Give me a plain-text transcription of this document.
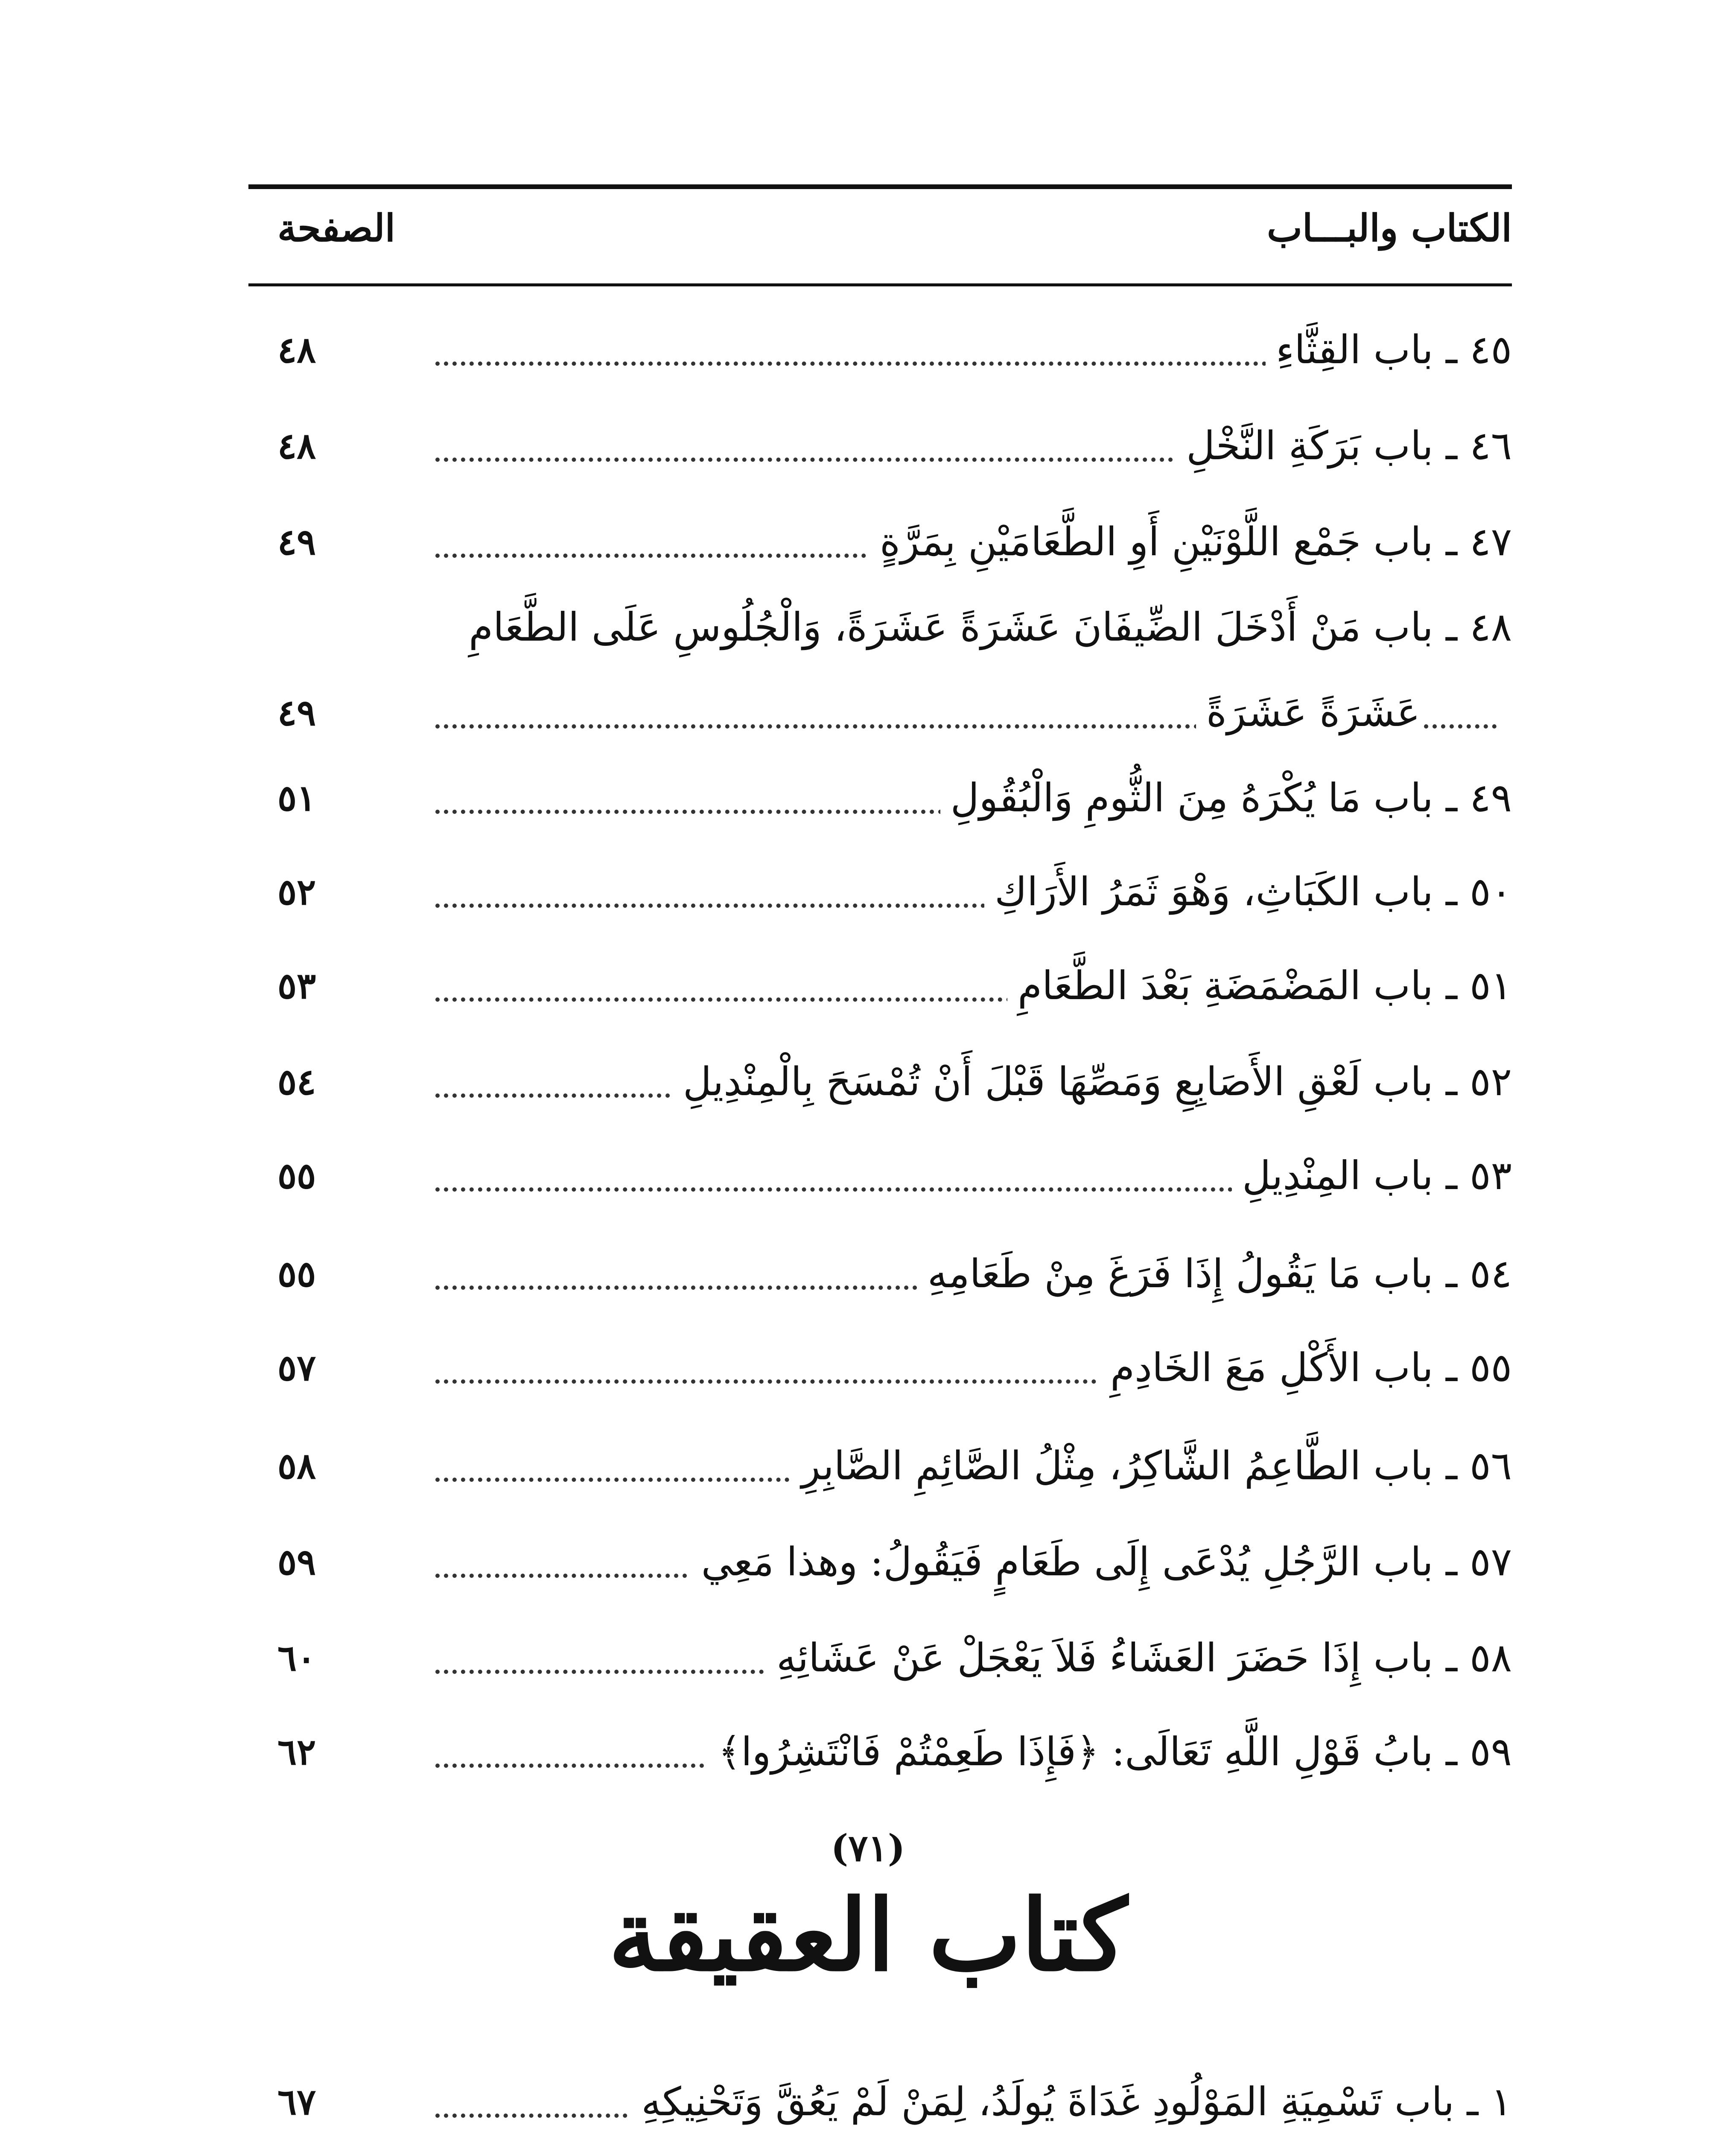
الكتاب والبـــاب
الصفحة
٤٥ ـ باب القِثَّاءِ
٤٨
٤٦ ـ باب بَرَكَةِ النَّخْلِ
٤٨
٤٧ ـ باب جَمْع اللَّوْنَيْنِ أَوِ الطَّعَامَيْنِ بِمَرَّةٍ
٤٩
٤٨ ـ باب مَنْ أَدْخَلَ الضِّيفَانَ عَشَرَةً عَشَرَةً، وَالْجُلُوسِ عَلَى الطَّعَامِ
عَشَرَةً عَشَرَةً
٤٩
٤٩ ـ باب مَا يُكْرَهُ مِنَ الثُّومِ وَالْبُقُولِ
٥١
٥٠ ـ باب الكَبَاثِ، وَهْوَ ثَمَرُ الأَرَاكِ
٥٢
٥١ ـ باب المَضْمَضَةِ بَعْدَ الطَّعَامِ
٥٣
٥٢ ـ باب لَعْقِ الأَصَابِعِ وَمَصِّهَا قَبْلَ أَنْ تُمْسَحَ بِالْمِنْدِيلِ
٥٤
٥٣ ـ باب المِنْدِيلِ
٥٥
٥٤ ـ باب مَا يَقُولُ إِذَا فَرَغَ مِنْ طَعَامِهِ
٥٥
٥٥ ـ باب الأَكْلِ مَعَ الخَادِمِ
٥٧
٥٦ ـ باب الطَّاعِمُ الشَّاكِرُ، مِثْلُ الصَّائِمِ الصَّابِرِ
٥٨
٥٧ ـ باب الرَّجُلِ يُدْعَى إِلَى طَعَامٍ فَيَقُولُ: وهذا مَعِي
٥٩
٥٨ ـ باب إِذَا حَضَرَ العَشَاءُ فَلاَ يَعْجَلْ عَنْ عَشَائِهِ
٦٠
٥٩ ـ بابُ قَوْلِ اللَّهِ تَعَالَى: ﴿فَإِذَا طَعِمْتُمْ فَانْتَشِرُوا﴾
٦٢
(٧١)
كتاب العقيقة
١ ـ باب تَسْمِيَةِ المَوْلُودِ غَدَاةَ يُولَدُ، لِمَنْ لَمْ يَعُقَّ وَتَحْنِيكِهِ
٦٧
